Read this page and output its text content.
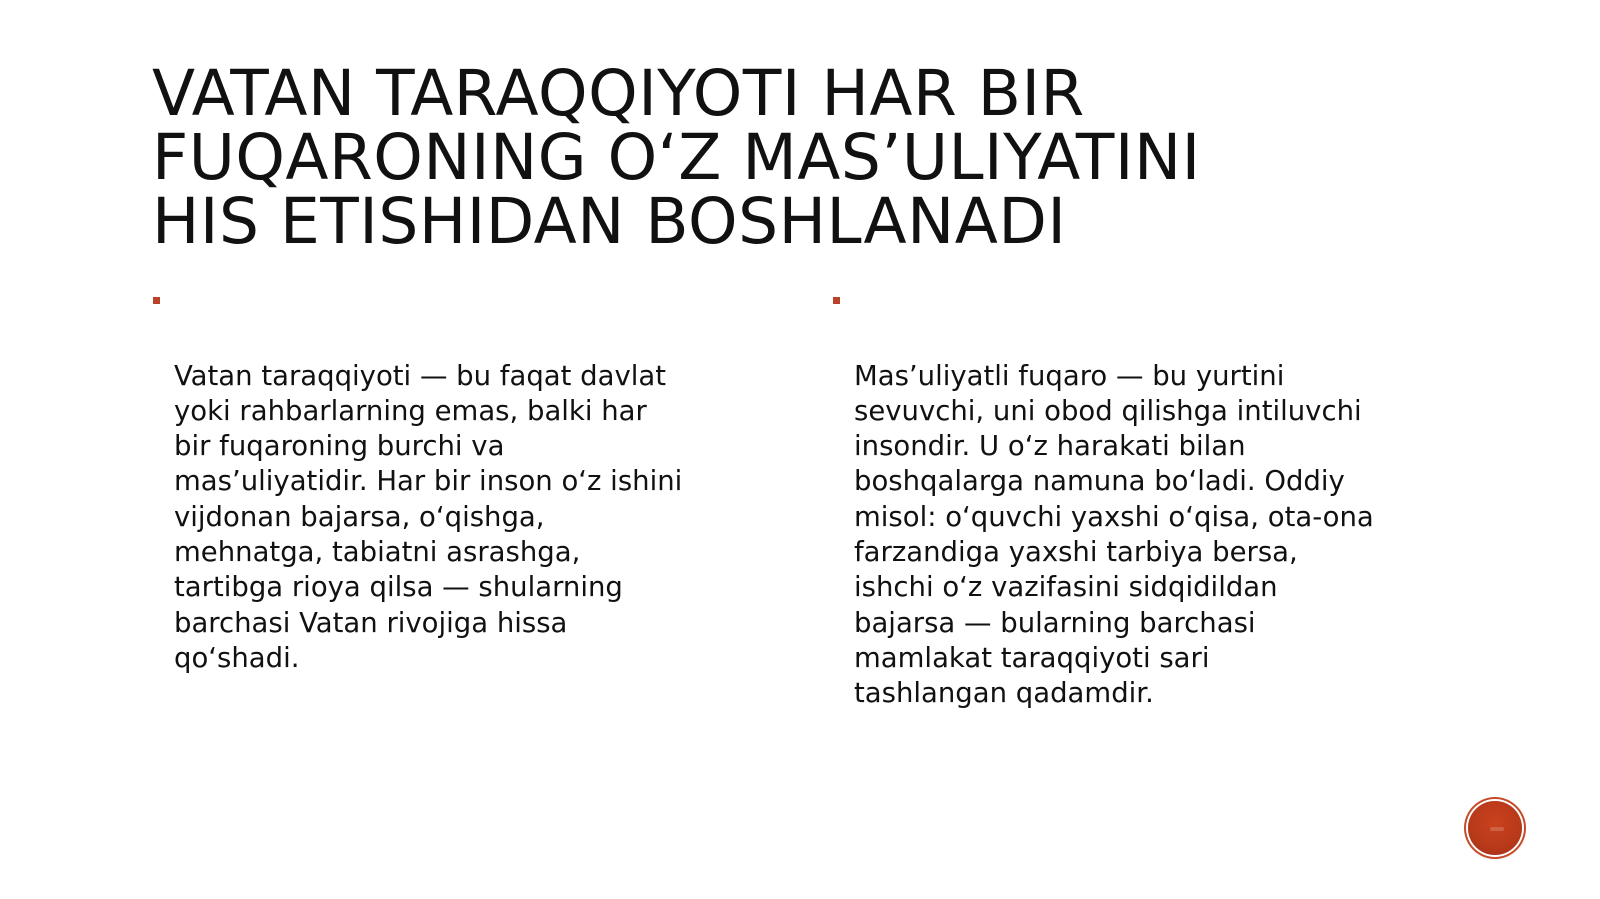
VATAN TARAQQIYOTI HAR BIR
FUQARONING O‘Z MAS’ULIYATINI
HIS ETISHIDAN BOSHLANADI

Vatan taraqqiyoti — bu faqat davlat
yoki rahbarlarning emas, balki har
bir fuqaroning burchi va
mas’uliyatidir. Har bir inson o‘z ishini
vijdonan bajarsa, o‘qishga,
mehnatga, tabiatni asrashga,
tartibga rioya qilsa — shularning
barchasi Vatan rivojiga hissa
qo‘shadi.

Mas’uliyatli fuqaro — bu yurtini
sevuvchi, uni obod qilishga intiluvchi
insondir. U o‘z harakati bilan
boshqalarga namuna bo‘ladi. Oddiy
misol: o‘quvchi yaxshi o‘qisa, ota-ona
farzandiga yaxshi tarbiya bersa,
ishchi o‘z vazifasini sidqidildan
bajarsa — bularning barchasi
mamlakat taraqqiyoti sari
tashlangan qadamdir.
